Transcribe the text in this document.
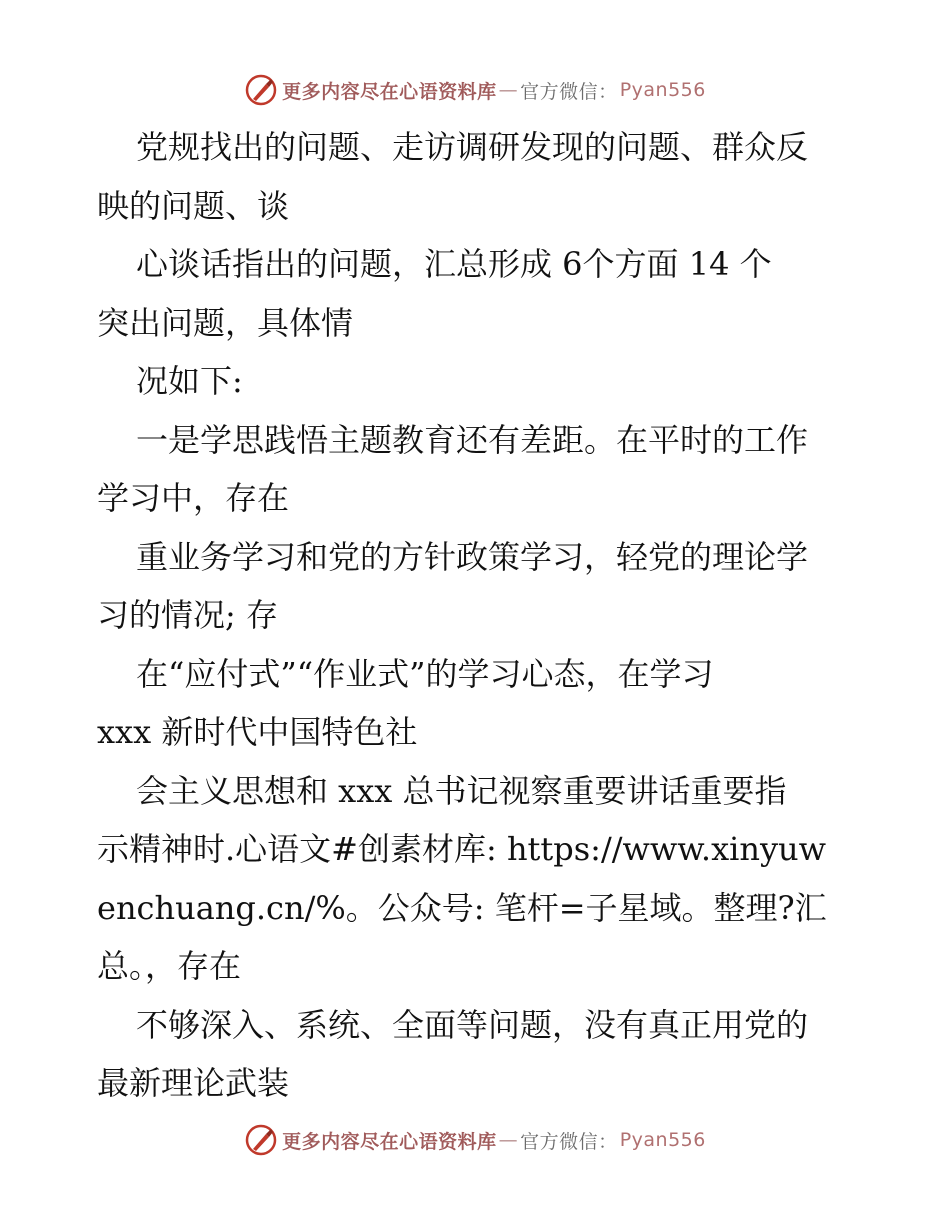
更多内容尽在心语资料库 — 官方微信： Pyan556

党规找出的问题、走访调研发现的问题、群众反

映的问题、谈

心谈话指出的问题，汇总形成 6个方面 14 个

突出问题，具体情

况如下:

一是学思践悟主题教育还有差距。在平时的工作

学习中，存在

重业务学习和党的方针政策学习，轻党的理论学

习的情况; 存

在“应付式”“作业式”的学习心态，在学习

xxx 新时代中国特色社

会主义思想和 xxx 总书记视察重要讲话重要指

示精神时.心语文#创素材库: https://www.xinyuw

enchuang.cn/%。公众号: 笔杆=子星域。整理?汇

总。，存在

不够深入、系统、全面等问题，没有真正用党的

最新理论武装

更多内容尽在心语资料库 — 官方微信： Pyan556
